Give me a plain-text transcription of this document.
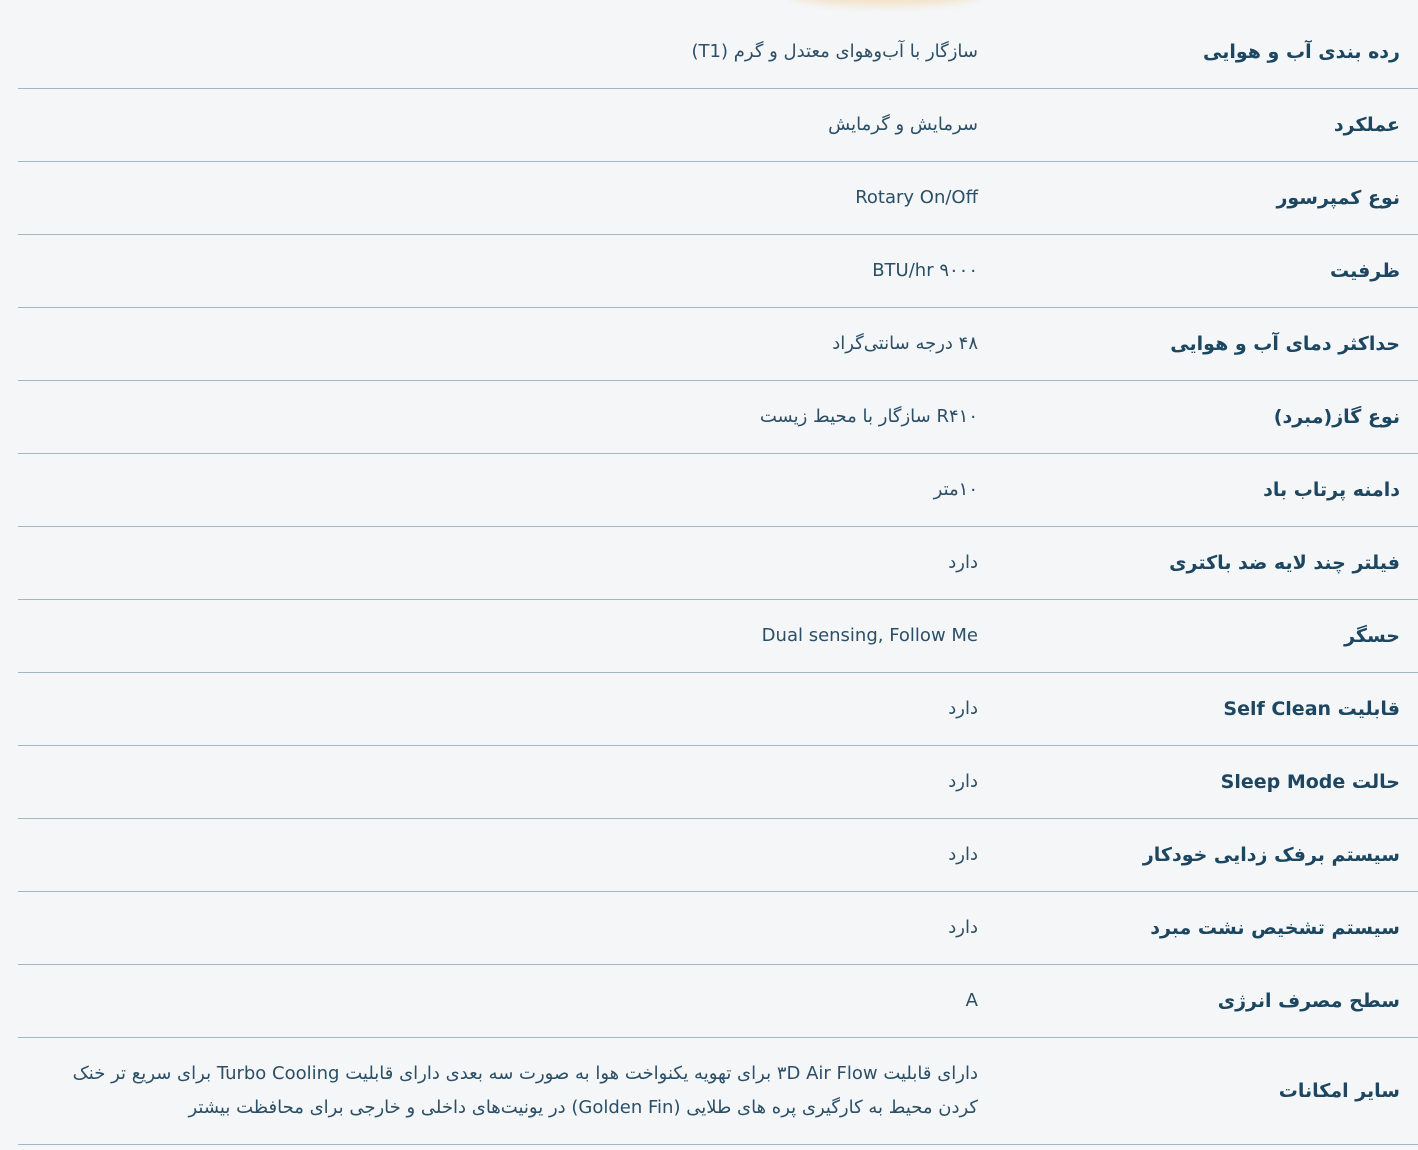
رده بندی آب و هوایی
سازگار با آب‌وهوای معتدل و گرم (T1)
عملکرد
سرمایش و گرمایش
نوع کمپرسور
Rotary On/Off
ظرفیت
BTU/hr ۹۰۰۰
حداکثر دمای آب و هوایی
۴۸ درجه سانتی‌گراد
نوع گاز(مبرد)
R۴۱۰ سازگار با محیط زیست
دامنه پرتاب باد
۱۰متر
فیلتر چند لایه ضد باکتری
دارد
حسگر
Dual sensing, Follow Me
قابلیت Self Clean
دارد
حالت Sleep Mode
دارد
سیستم برفک زدایی خودکار
دارد
سیستم تشخیص نشت مبرد
دارد
سطح مصرف انرژی
A
سایر امکانات
دارای قابلیت ۳D Air Flow برای تهویه یکنواخت هوا به صورت سه بعدی دارای قابلیت Turbo Cooling برای سریع تر خنک کردن محیط به کارگیری پره های طلایی (Golden Fin) در یونیت‌های داخلی و خارجی برای محافظت بیشتر
